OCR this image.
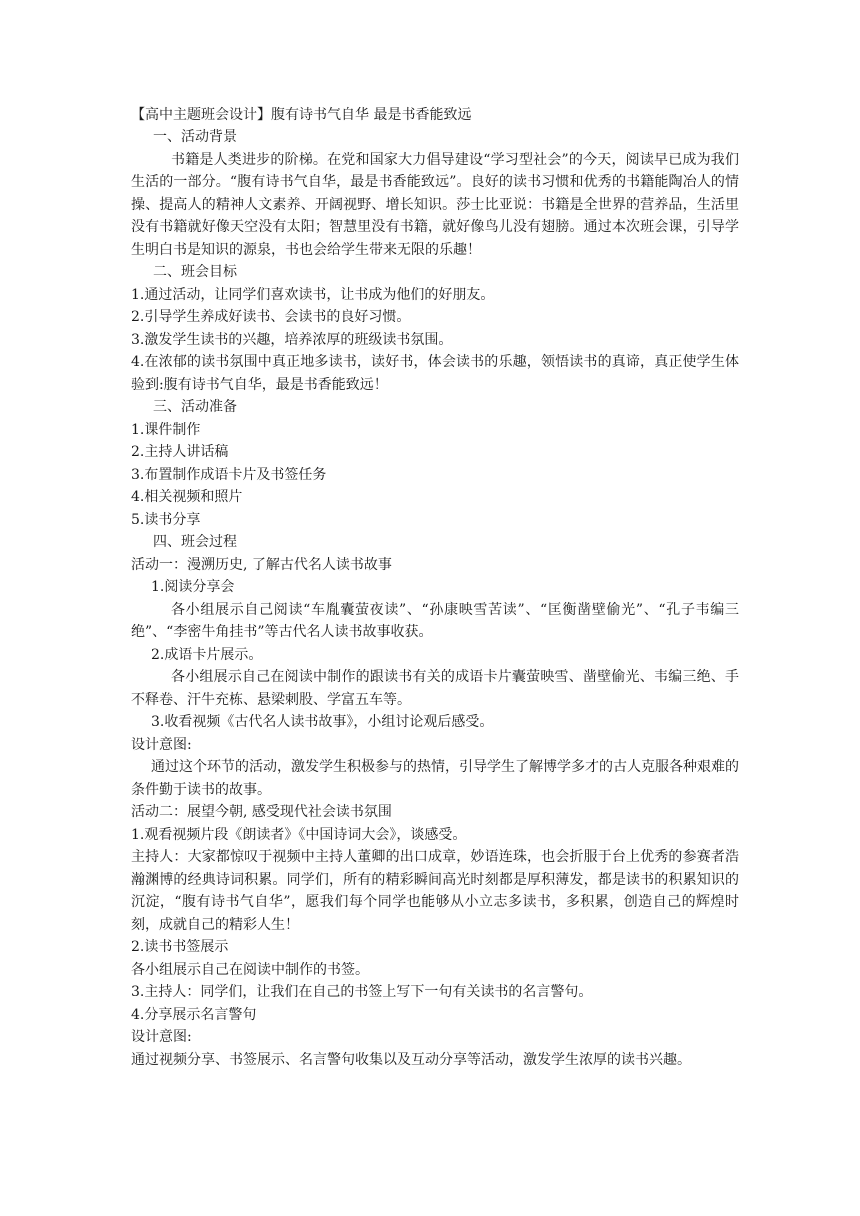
【高中主题班会设计】腹有诗书气自华 最是书香能致远

一、活动背景

书籍是人类进步的阶梯。在党和国家大力倡导建设“学习型社会”的今天，阅读早已成为我们生活的一部分。“腹有诗书气自华，最是书香能致远”。良好的读书习惯和优秀的书籍能陶冶人的情操、提高人的精神人文素养、开阔视野、增长知识。莎士比亚说：书籍是全世界的营养品，生活里没有书籍就好像天空没有太阳；智慧里没有书籍，就好像鸟儿没有翅膀。通过本次班会课，引导学生明白书是知识的源泉，书也会给学生带来无限的乐趣！

二、班会目标

1.通过活动，让同学们喜欢读书，让书成为他们的好朋友。

2.引导学生养成好读书、会读书的良好习惯。

3.激发学生读书的兴趣，培养浓厚的班级读书氛围。

4.在浓郁的读书氛围中真正地多读书，读好书，体会读书的乐趣，领悟读书的真谛，真正使学生体验到:腹有诗书气自华，最是书香能致远！

三、活动准备

1.课件制作

2.主持人讲话稿

3.布置制作成语卡片及书签任务

4.相关视频和照片

5.读书分享

四、班会过程

活动一：漫溯历史, 了解古代名人读书故事

1.阅读分享会

各小组展示自己阅读“车胤囊萤夜读”、“孙康映雪苦读”、“匡衡凿壁偷光”、“孔子韦编三绝”、“李密牛角挂书”等古代名人读书故事收获。

2.成语卡片展示。

各小组展示自己在阅读中制作的跟读书有关的成语卡片囊萤映雪、凿壁偷光、韦编三绝、手不释卷、汗牛充栋、悬梁刺股、学富五车等。

3.收看视频《古代名人读书故事》，小组讨论观后感受。

设计意图:

通过这个环节的活动，激发学生积极参与的热情，引导学生了解博学多才的古人克服各种艰难的条件勤于读书的故事。

活动二：展望今朝, 感受现代社会读书氛围

1.观看视频片段《朗读者》《中国诗词大会》，谈感受。

主持人：大家都惊叹于视频中主持人董卿的出口成章，妙语连珠，也会折服于台上优秀的参赛者浩瀚渊博的经典诗词积累。同学们，所有的精彩瞬间高光时刻都是厚积薄发，都是读书的积累知识的沉淀，“腹有诗书气自华”，愿我们每个同学也能够从小立志多读书，多积累，创造自己的辉煌时刻，成就自己的精彩人生！

2.读书书签展示

各小组展示自己在阅读中制作的书签。

3.主持人：同学们，让我们在自己的书签上写下一句有关读书的名言警句。

4.分享展示名言警句

设计意图:

通过视频分享、书签展示、名言警句收集以及互动分享等活动，激发学生浓厚的读书兴趣。
